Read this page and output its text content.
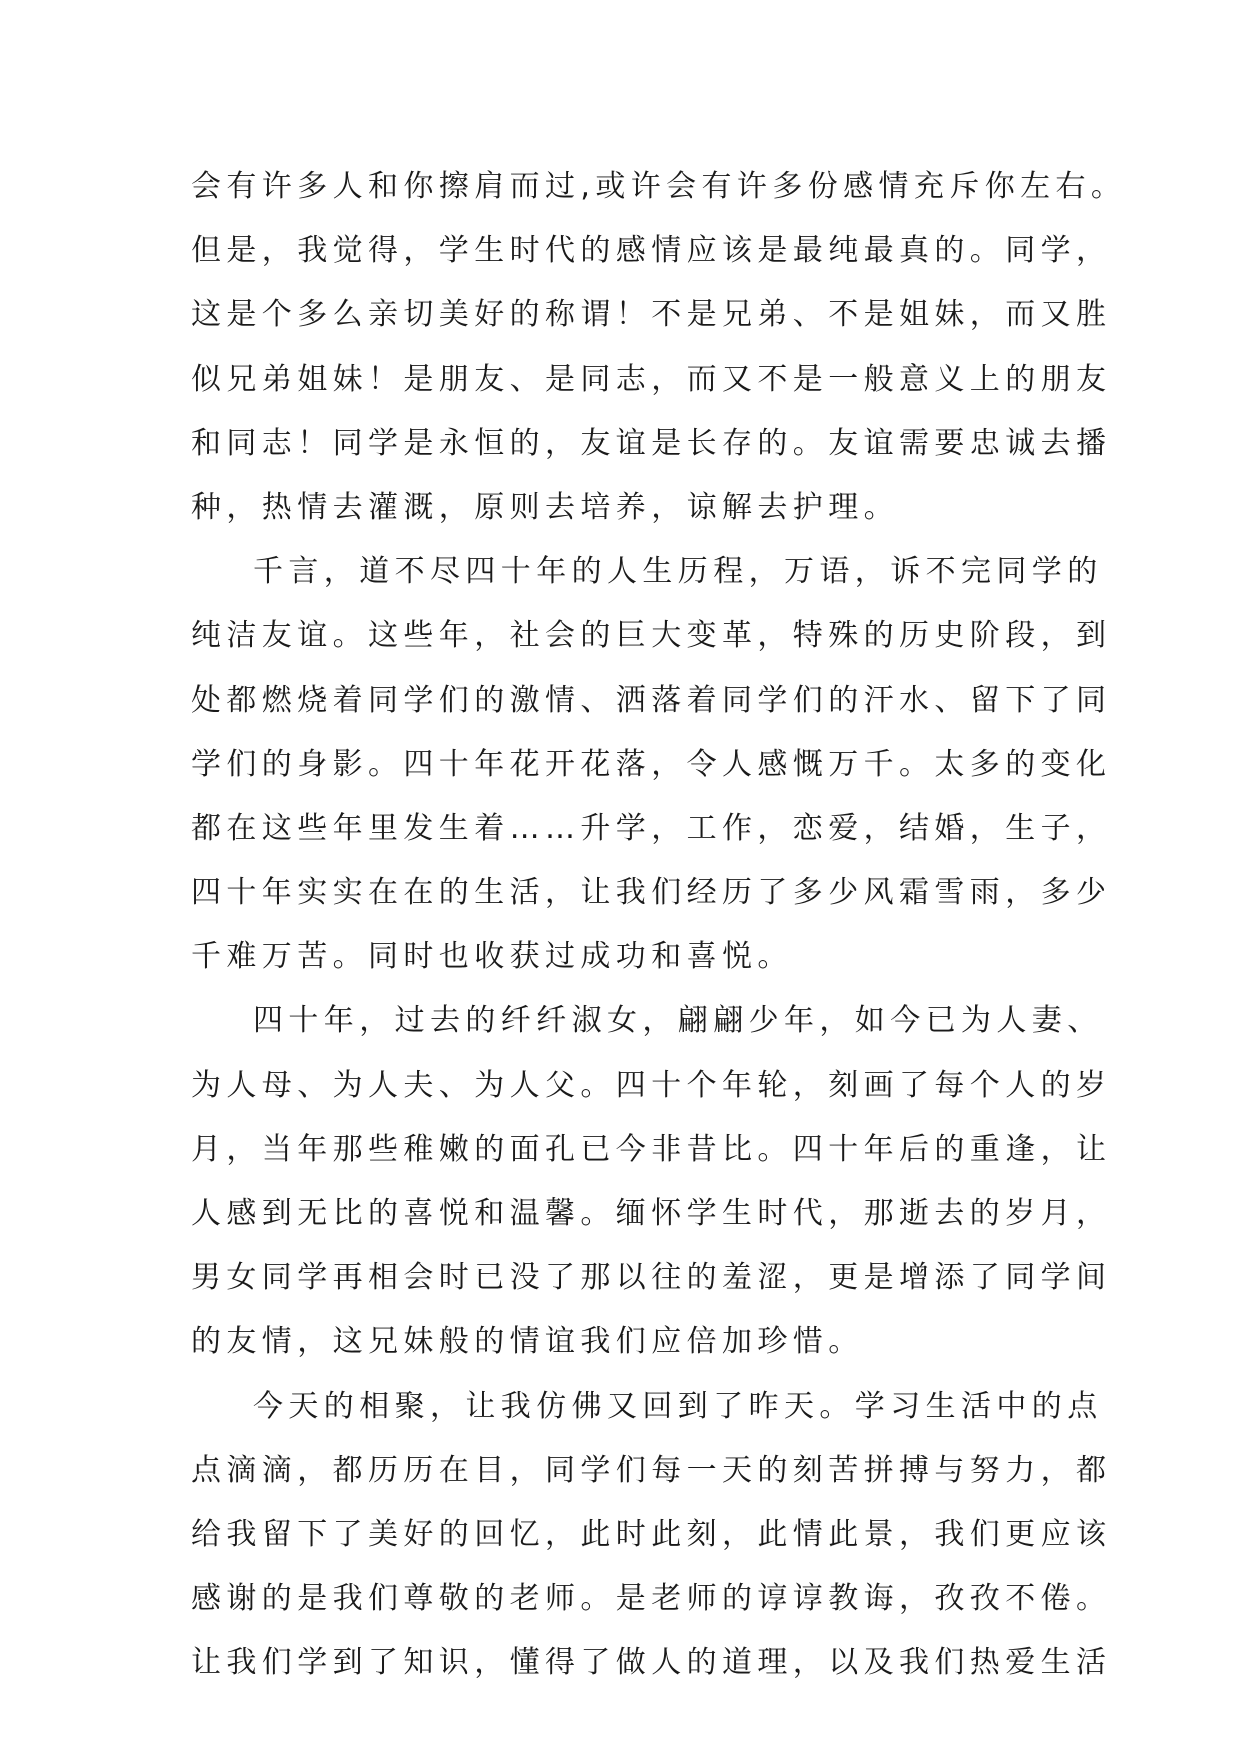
会有许多人和你擦肩而过,或许会有许多份感情充斥你左右。
但是，我觉得，学生时代的感情应该是最纯最真的。同学，
这是个多么亲切美好的称谓！不是兄弟、不是姐妹，而又胜
似兄弟姐妹！是朋友、是同志，而又不是一般意义上的朋友
和同志！同学是永恒的，友谊是长存的。友谊需要忠诚去播
种，热情去灌溉，原则去培养，谅解去护理。
千言，道不尽四十年的人生历程，万语，诉不完同学的
纯洁友谊。这些年，社会的巨大变革，特殊的历史阶段，到
处都燃烧着同学们的激情、洒落着同学们的汗水、留下了同
学们的身影。四十年花开花落，令人感慨万千。太多的变化
都在这些年里发生着……升学，工作，恋爱，结婚，生子，
四十年实实在在的生活，让我们经历了多少风霜雪雨，多少
千难万苦。同时也收获过成功和喜悦。
四十年，过去的纤纤淑女，翩翩少年，如今已为人妻、
为人母、为人夫、为人父。四十个年轮，刻画了每个人的岁
月，当年那些稚嫩的面孔已今非昔比。四十年后的重逢，让
人感到无比的喜悦和温馨。缅怀学生时代，那逝去的岁月，
男女同学再相会时已没了那以往的羞涩，更是增添了同学间
的友情，这兄妹般的情谊我们应倍加珍惜。
今天的相聚，让我仿佛又回到了昨天。学习生活中的点
点滴滴，都历历在目，同学们每一天的刻苦拼搏与努力，都
给我留下了美好的回忆，此时此刻，此情此景，我们更应该
感谢的是我们尊敬的老师。是老师的谆谆教诲，孜孜不倦。
让我们学到了知识，懂得了做人的道理，以及我们热爱生活
